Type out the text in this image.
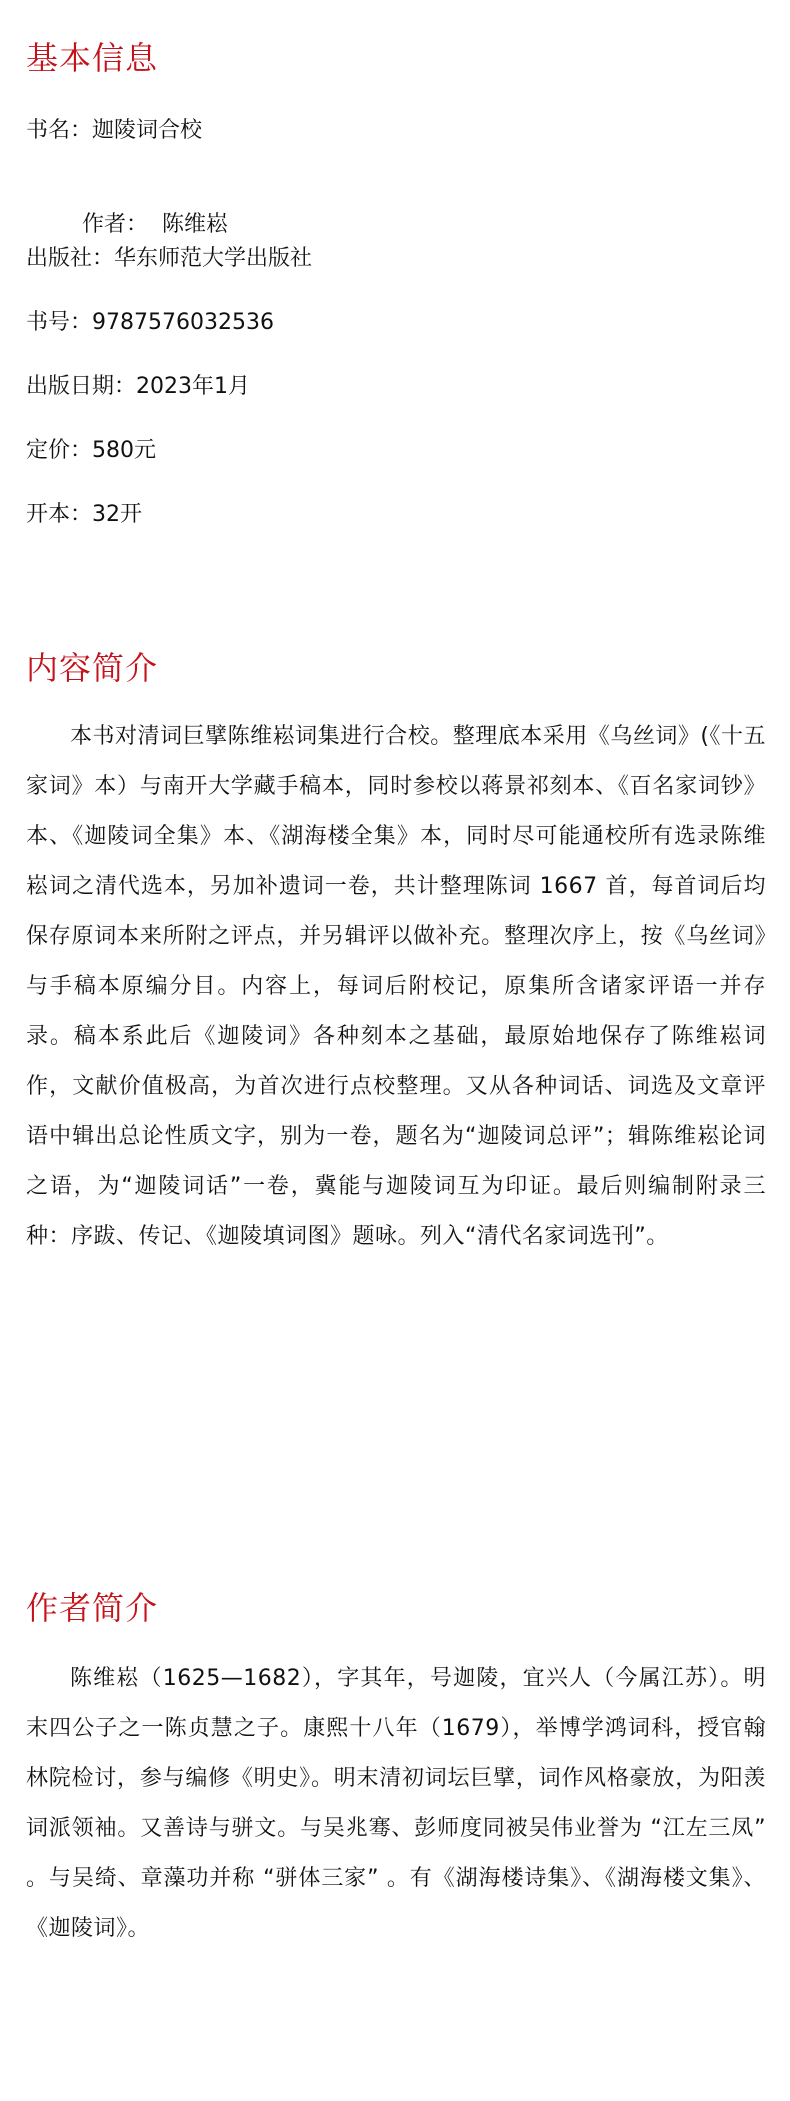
基本信息
书名：迦陵词合校

作者：  陈维崧

出版社：华东师范大学出版社
书号：9787576032536
出版日期：2023年1月
定价：580元
开本：32开
内容简介

本书对清词巨擘陈维崧词集进行合校。整理底本采用《乌丝词》(《十五家词》本）与南开大学藏手稿本，同时参校以蒋景祁刻本、《百名家词钞》本、《迦陵词全集》本、《湖海楼全集》本，同时尽可能通校所有选录陈维崧词之清代选本，另加补遗词一卷，共计整理陈词 1667 首，每首词后均保存原词本来所附之评点，并另辑评以做补充。整理次序上，按《乌丝词》与手稿本原编分目。内容上，每词后附校记，原集所含诸家评语一并存录。稿本系此后《迦陵词》各种刻本之基础，最原始地保存了陈维崧词作，文献价值极高，为首次进行点校整理。又从各种词话、词选及文章评语中辑出总论性质文字，别为一卷，题名为“迦陵词总评”；辑陈维崧论词之语，为“迦陵词话”一卷，冀能与迦陵词互为印证。最后则编制附录三种：序跋、传记、《迦陵填词图》题咏。列入“清代名家词选刊”。

作者简介

陈维崧（1625—1682），字其年，号迦陵，宜兴人（今属江苏）。明末四公子之一陈贞慧之子。康熙十八年（1679），举博学鸿词科，授官翰林院检讨，参与编修《明史》。明末清初词坛巨擘，词作风格豪放，为阳羡词派领袖。又善诗与骈文。与吴兆骞、彭师度同被吴伟业誉为 “江左三凤” 。与吴绮、章藻功并称 “骈体三家” 。有《湖海楼诗集》、《湖海楼文集》、《迦陵词》。
